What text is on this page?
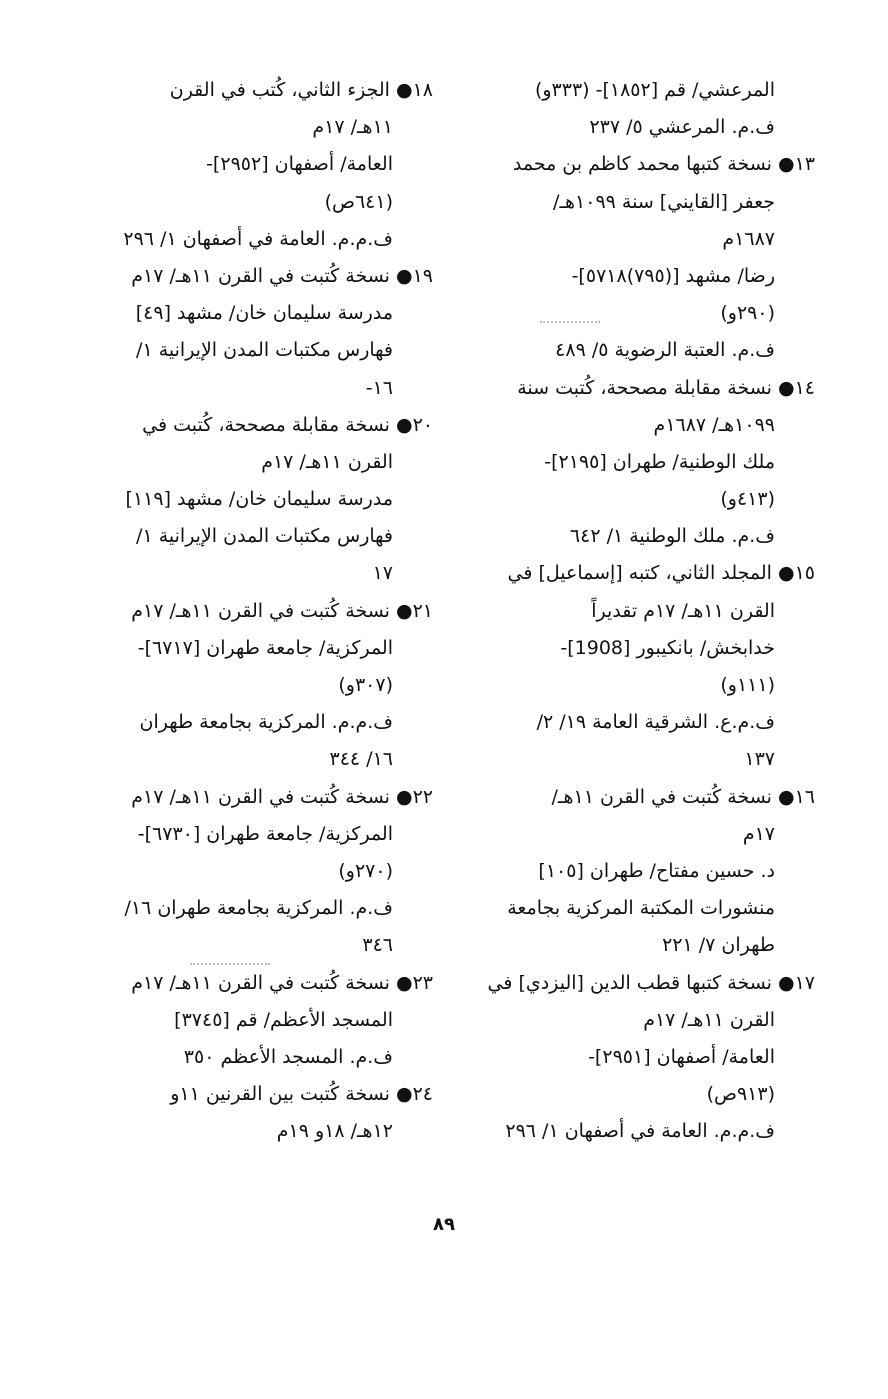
المرعشي/ قم [١٨٥٢]- (٣٣٣و)
ف.م. المرعشي ٥/ ٢٣٧
١٣● نسخة كتبها محمد كاظم بن محمد
جعفر [القايني] سنة ١٠٩٩هـ/
١٦٨٧م
رضا/ مشهد [(٧٩٥)٥٧١٨]-
(٢٩٠و)
ف.م. العتبة الرضوية ٥/ ٤٨٩
١٤● نسخة مقابلة مصححة، كُتبت سنة
١٠٩٩هـ/ ١٦٨٧م
ملك الوطنية/ طهران [٢١٩٥]-
(٤١٣و)
ف.م. ملك الوطنية ١/ ٦٤٢
١٥● المجلد الثاني، كتبه [إسماعيل] في
القرن ١١هـ/ ١٧م تقديراً
خدابخش/ بانكيبور [1908]-
(١١١و)
ف.م.ع. الشرقية العامة ١٩/ ٢/
١٣٧
١٦● نسخة كُتبت في القرن ١١هـ/
١٧م
د. حسين مفتاح/ طهران [١٠٥]
منشورات المكتبة المركزية بجامعة
طهران ٧/ ٢٢١
١٧● نسخة كتبها قطب الدين [اليزدي] في
القرن ١١هـ/ ١٧م
العامة/ أصفهان [٢٩٥١]-
(٩١٣ص)
ف.م.م. العامة في أصفهان ١/ ٢٩٦
١٨● الجزء الثاني، كُتب في القرن
١١هـ/ ١٧م
العامة/ أصفهان [٢٩٥٢]-
(٦٤١ص)
ف.م.م. العامة في أصفهان ١/ ٢٩٦
١٩● نسخة كُتبت في القرن ١١هـ/ ١٧م
مدرسة سليمان خان/ مشهد [٤٩]
فهارس مكتبات المدن الإيرانية ١/
١٦-
٢٠● نسخة مقابلة مصححة، كُتبت في
القرن ١١هـ/ ١٧م
مدرسة سليمان خان/ مشهد [١١٩]
فهارس مكتبات المدن الإيرانية ١/
١٧
٢١● نسخة كُتبت في القرن ١١هـ/ ١٧م
المركزية/ جامعة طهران [٦٧١٧]-
(٣٠٧و)
ف.م.م. المركزية بجامعة طهران
١٦/ ٣٤٤
٢٢● نسخة كُتبت في القرن ١١هـ/ ١٧م
المركزية/ جامعة طهران [٦٧٣٠]-
(٢٧٠و)
ف.م. المركزية بجامعة طهران ١٦/
٣٤٦
٢٣● نسخة كُتبت في القرن ١١هـ/ ١٧م
المسجد الأعظم/ قم [٣٧٤٥]
ف.م. المسجد الأعظم ٣٥٠
٢٤● نسخة كُتبت بين القرنين ١١و
١٢هـ/ ١٨و ١٩م
٨٩
